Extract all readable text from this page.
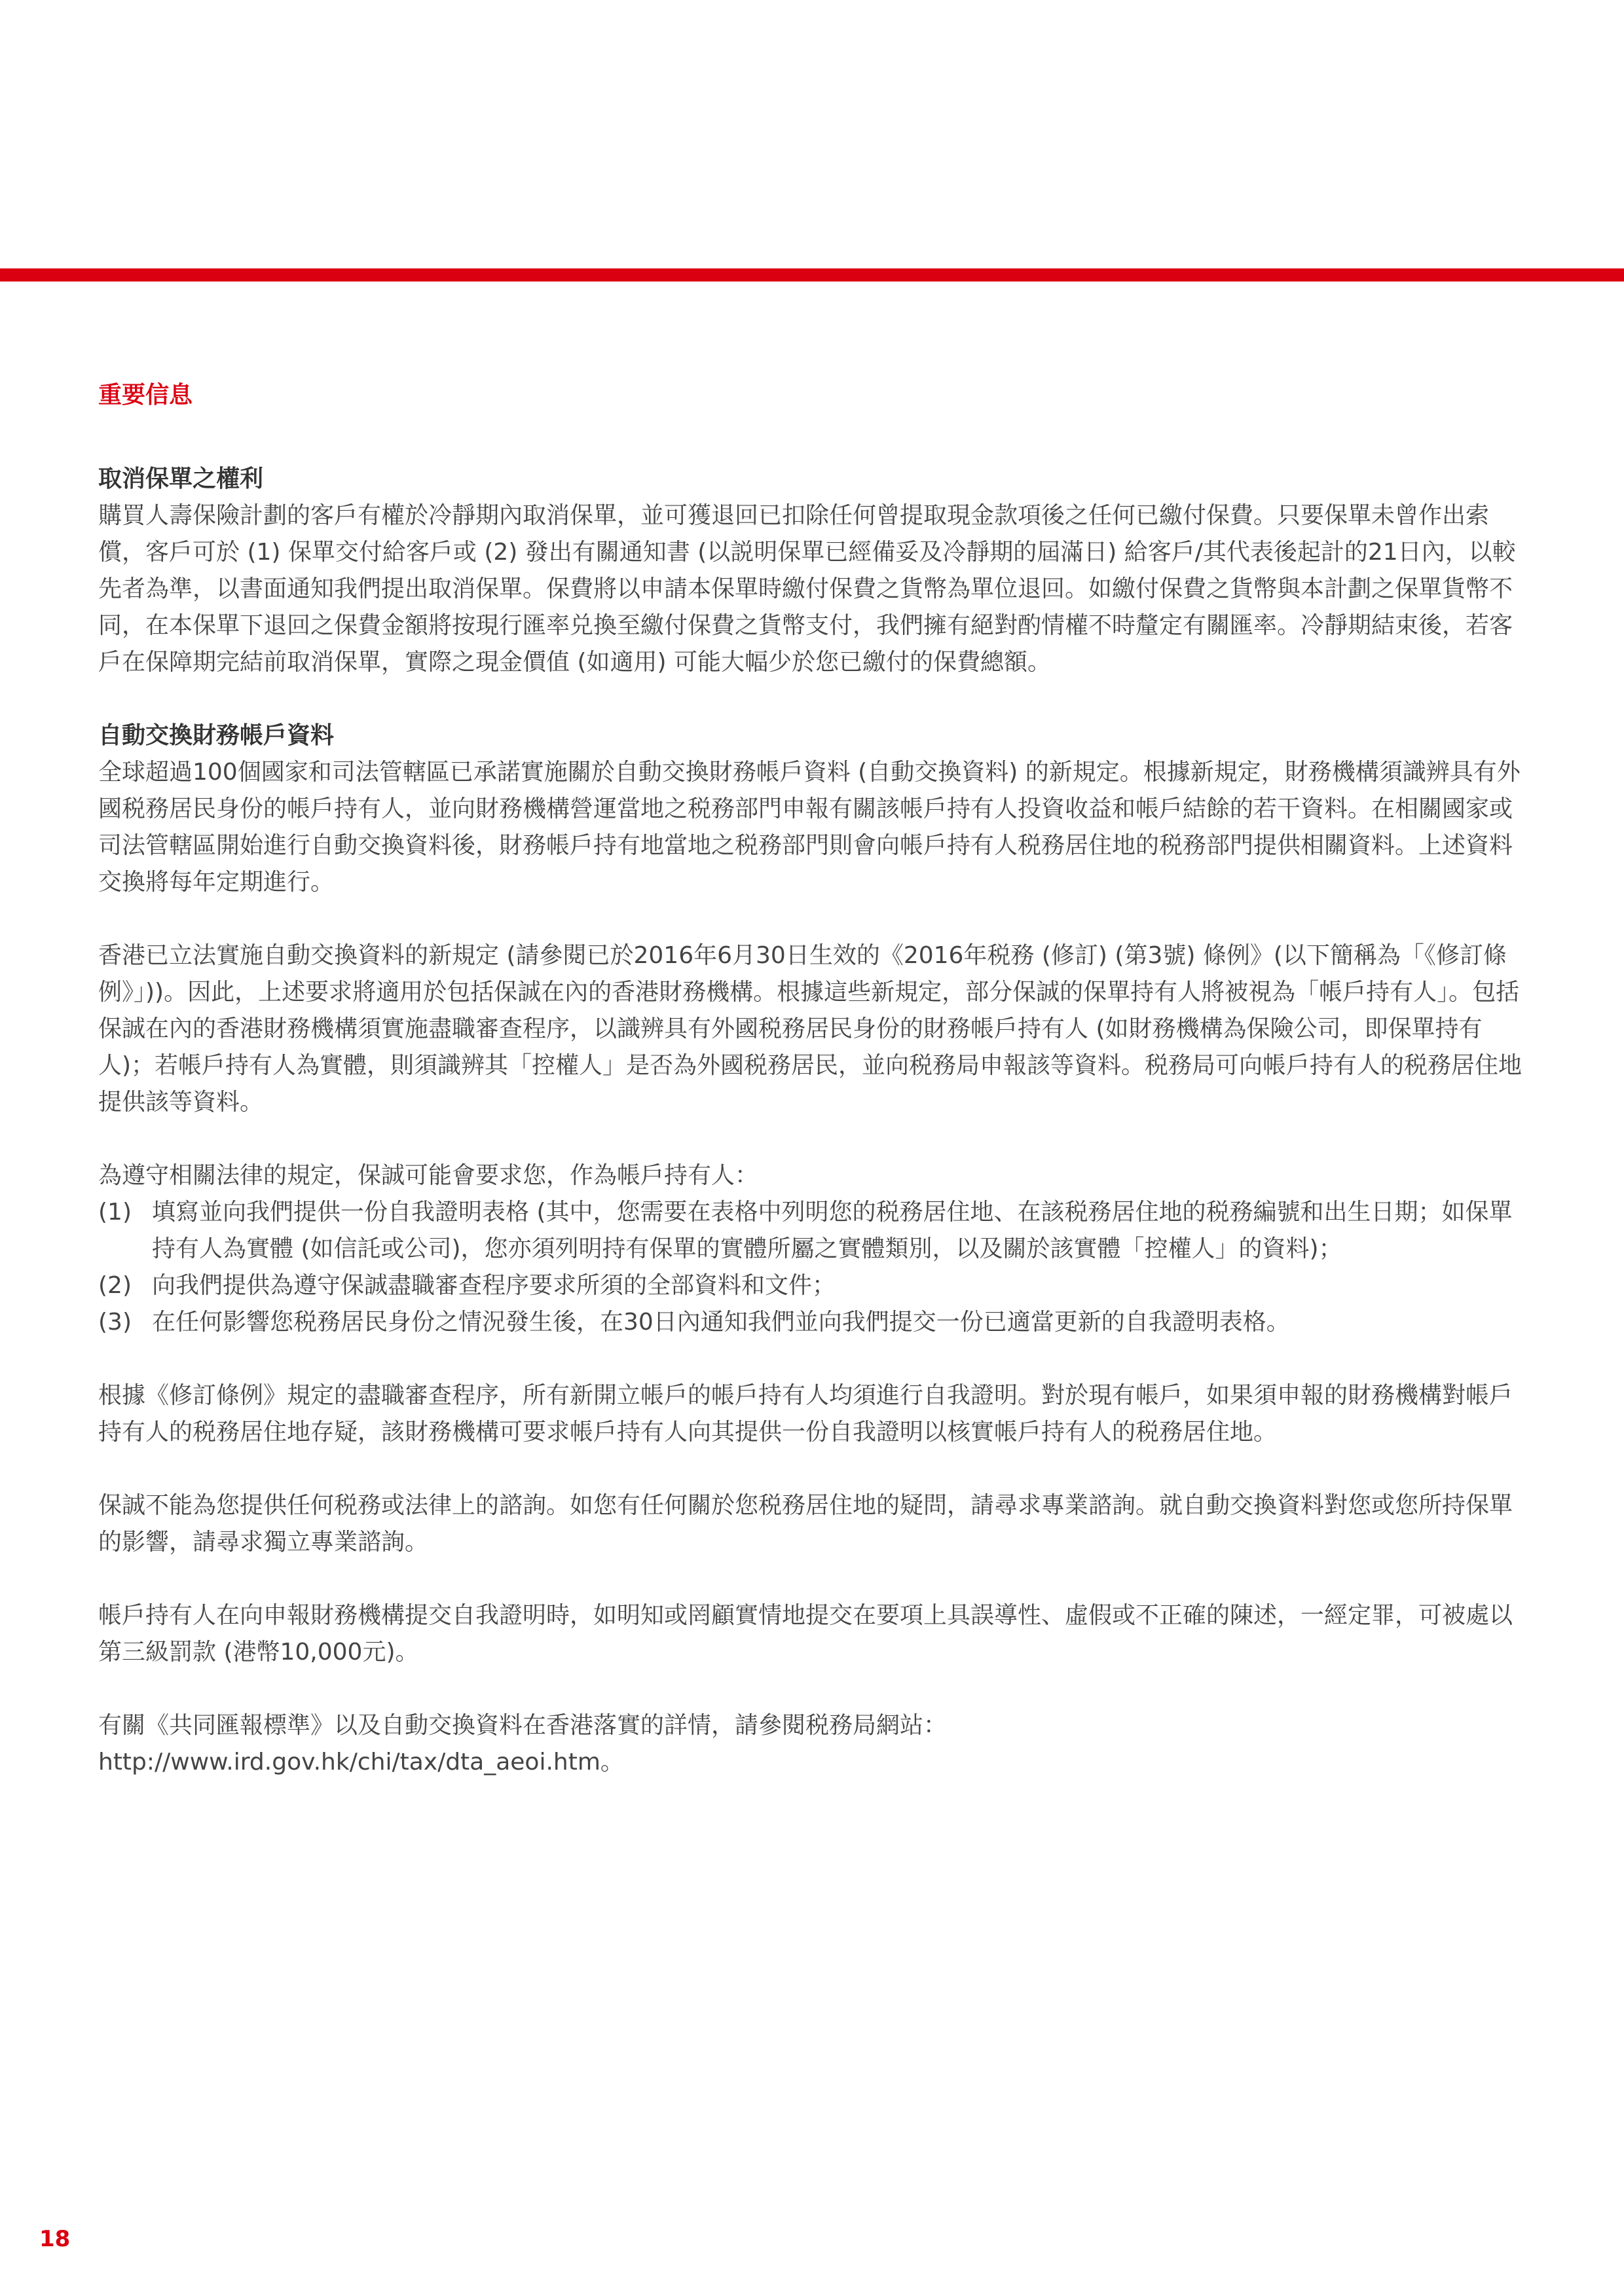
重要信息
取消保單之權利

購買人壽保險計劃的客戶有權於冷靜期內取消保單，並可獲退回已扣除任何曾提取現金款項後之任何已繳付保費。只要保單未曾作出索償，客戶可於 (1) 保單交付給客戶或 (2) 發出有關通知書 (以説明保單已經備妥及冷靜期的屆滿日) 給客戶/其代表後起計的21日內，以較先者為準，以書面通知我們提出取消保單。保費將以申請本保單時繳付保費之貨幣為單位退回。如繳付保費之貨幣與本計劃之保單貨幣不同，在本保單下退回之保費金額將按現行匯率兑換至繳付保費之貨幣支付，我們擁有絕對酌情權不時釐定有關匯率。冷靜期結束後，若客戶在保障期完結前取消保單，實際之現金價值 (如適用) 可能大幅少於您已繳付的保費總額。

自動交換財務帳戶資料

全球超過100個國家和司法管轄區已承諾實施關於自動交換財務帳戶資料 (自動交換資料) 的新規定。根據新規定，財務機構須識辨具有外國税務居民身份的帳戶持有人，並向財務機構營運當地之税務部門申報有關該帳戶持有人投資收益和帳戶結餘的若干資料。在相關國家或司法管轄區開始進行自動交換資料後，財務帳戶持有地當地之税務部門則會向帳戶持有人税務居住地的税務部門提供相關資料。上述資料交換將每年定期進行。

香港已立法實施自動交換資料的新規定 (請參閱已於2016年6月30日生效的《2016年税務 (修訂) (第3號) 條例》(以下簡稱為「《修訂條例》」))。因此，上述要求將適用於包括保誠在內的香港財務機構。根據這些新規定，部分保誠的保單持有人將被視為「帳戶持有人」。包括保誠在內的香港財務機構須實施盡職審查程序，以識辨具有外國税務居民身份的財務帳戶持有人 (如財務機構為保險公司，即保單持有人)；若帳戶持有人為實體，則須識辨其「控權人」是否為外國税務居民，並向税務局申報該等資料。税務局可向帳戶持有人的税務居住地提供該等資料。

為遵守相關法律的規定，保誠可能會要求您，作為帳戶持有人：

(1) 填寫並向我們提供一份自我證明表格 (其中，您需要在表格中列明您的税務居住地、在該税務居住地的税務編號和出生日期；如保單持有人為實體 (如信託或公司)，您亦須列明持有保單的實體所屬之實體類別，以及關於該實體「控權人」的資料)；
(2) 向我們提供為遵守保誠盡職審查程序要求所須的全部資料和文件；
(3) 在任何影響您税務居民身份之情況發生後，在30日內通知我們並向我們提交一份已適當更新的自我證明表格。

根據《修訂條例》規定的盡職審查程序，所有新開立帳戶的帳戶持有人均須進行自我證明。對於現有帳戶，如果須申報的財務機構對帳戶持有人的税務居住地存疑，該財務機構可要求帳戶持有人向其提供一份自我證明以核實帳戶持有人的税務居住地。

保誠不能為您提供任何税務或法律上的諮詢。如您有任何關於您税務居住地的疑問，請尋求專業諮詢。就自動交換資料對您或您所持保單的影響，請尋求獨立專業諮詢。

帳戶持有人在向申報財務機構提交自我證明時，如明知或罔顧實情地提交在要項上具誤導性、虛假或不正確的陳述，一經定罪，可被處以第三級罰款 (港幣10,000元)。

有關《共同匯報標準》以及自動交換資料在香港落實的詳情，請參閱税務局網站：

http://www.ird.gov.hk/chi/tax/dta_aeoi.htm。

18
